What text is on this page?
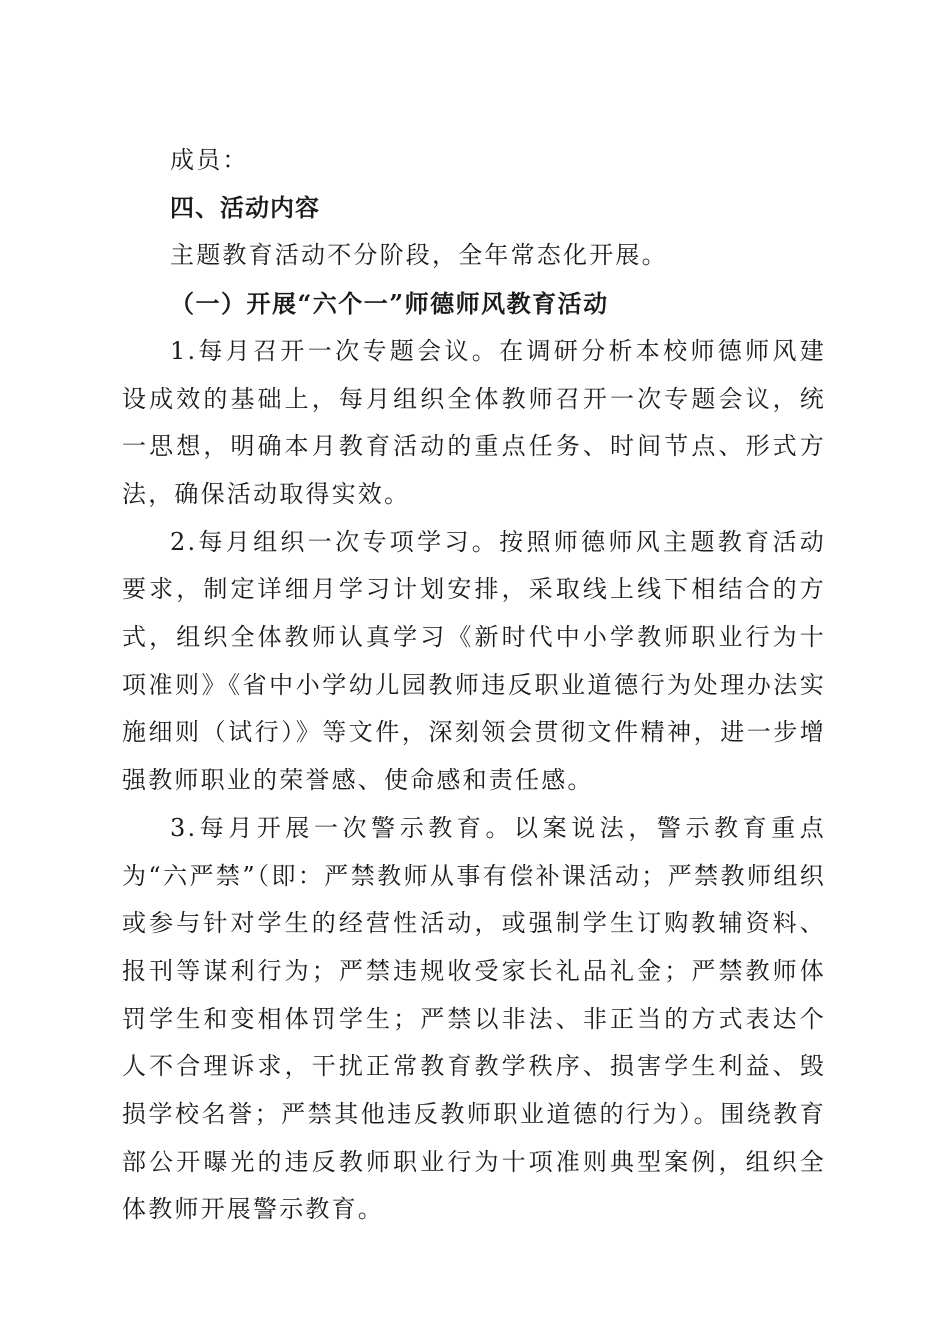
成员：

四、活动内容

主题教育活动不分阶段，全年常态化开展。

（一）开展“六个一”师德师风教育活动

1.每月召开一次专题会议。在调研分析本校师德师风建设成效的基础上，每月组织全体教师召开一次专题会议，统一思想，明确本月教育活动的重点任务、时间节点、形式方法，确保活动取得实效。

2.每月组织一次专项学习。按照师德师风主题教育活动要求，制定详细月学习计划安排，采取线上线下相结合的方式，组织全体教师认真学习《新时代中小学教师职业行为十项准则》《省中小学幼儿园教师违反职业道德行为处理办法实施细则（试行）》等文件，深刻领会贯彻文件精神，进一步增强教师职业的荣誉感、使命感和责任感。

3.每月开展一次警示教育。以案说法，警示教育重点为“六严禁”（即：严禁教师从事有偿补课活动；严禁教师组织或参与针对学生的经营性活动，或强制学生订购教辅资料、报刊等谋利行为；严禁违规收受家长礼品礼金；严禁教师体罚学生和变相体罚学生；严禁以非法、非正当的方式表达个人不合理诉求，干扰正常教育教学秩序、损害学生利益、毁损学校名誉；严禁其他违反教师职业道德的行为）。围绕教育部公开曝光的违反教师职业行为十项准则典型案例，组织全体教师开展警示教育。
